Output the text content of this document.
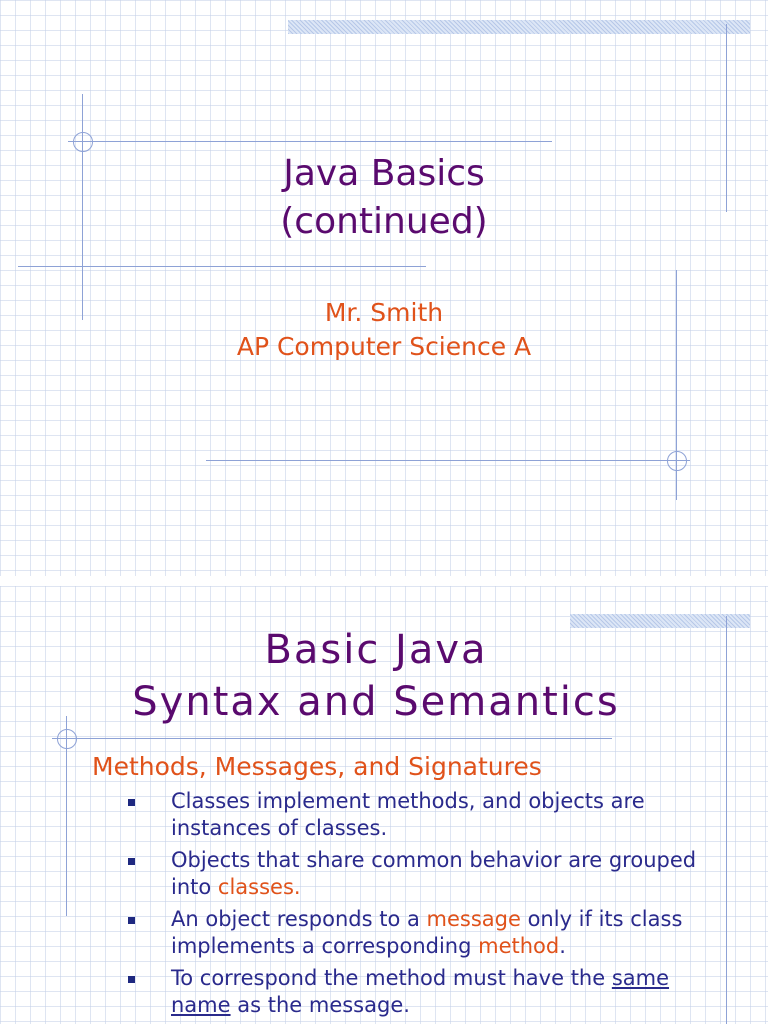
Java Basics
(continued)
Mr. Smith
AP Computer Science A
Basic Java
Syntax and Semantics
Methods, Messages, and Signatures
Classes implement methods, and objects are instances of classes.
Objects that share common behavior are grouped into classes.
An object responds to a message only if its class implements a corresponding method.
To correspond the method must have the same name as the message.
